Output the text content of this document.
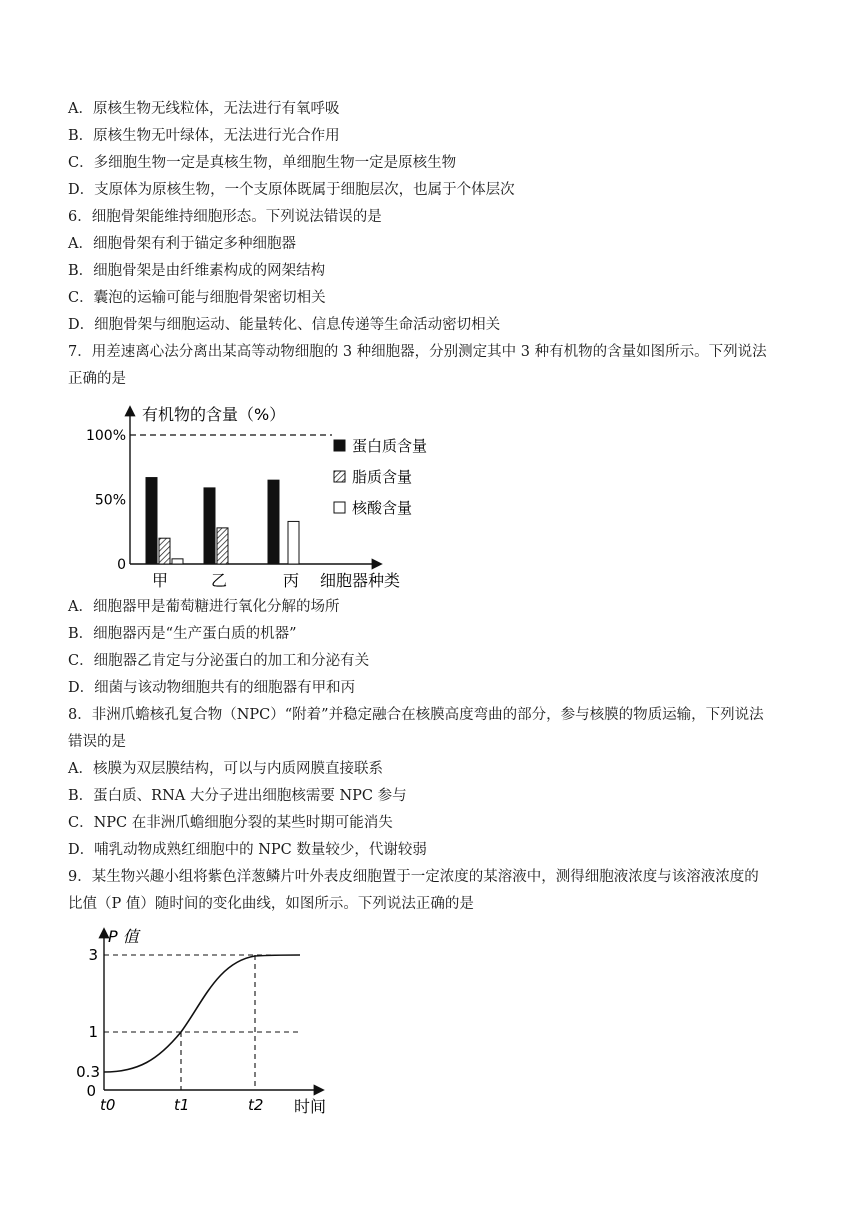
A．原核生物无线粒体，无法进行有氧呼吸
B．原核生物无叶绿体，无法进行光合作用
C．多细胞生物一定是真核生物，单细胞生物一定是原核生物
D．支原体为原核生物，一个支原体既属于细胞层次，也属于个体层次
6．细胞骨架能维持细胞形态。下列说法错误的是
A．细胞骨架有利于锚定多种细胞器
B．细胞骨架是由纤维素构成的网架结构
C．囊泡的运输可能与细胞骨架密切相关
D．细胞骨架与细胞运动、能量转化、信息传递等生命活动密切相关
7．用差速离心法分离出某高等动物细胞的 3 种细胞器，分别测定其中 3 种有机物的含量如图所示。下列说法
正确的是
有机物的含量（%）
细胞器种类
0
50%
100%
甲	乙	丙
蛋白质含量
脂质含量
核酸含量
A．细胞器甲是葡萄糖进行氧化分解的场所
B．细胞器丙是“生产蛋白质的机器”
C．细胞器乙肯定与分泌蛋白的加工和分泌有关
D．细菌与该动物细胞共有的细胞器有甲和丙
8．非洲爪蟾核孔复合物（NPC）“附着”并稳定融合在核膜高度弯曲的部分，参与核膜的物质运输，下列说法
错误的是
A．核膜为双层膜结构，可以与内质网膜直接联系
B．蛋白质、RNA 大分子进出细胞核需要 NPC 参与
C．NPC 在非洲爪蟾细胞分裂的某些时期可能消失
D．哺乳动物成熟红细胞中的 NPC 数量较少，代谢较弱
9．某生物兴趣小组将紫色洋葱鳞片叶外表皮细胞置于一定浓度的某溶液中，测得细胞液浓度与该溶液浓度的
比值（P 值）随时间的变化曲线，如图所示。下列说法正确的是
P 值
时间
3
1
0.3
0
t0	t1	t2
